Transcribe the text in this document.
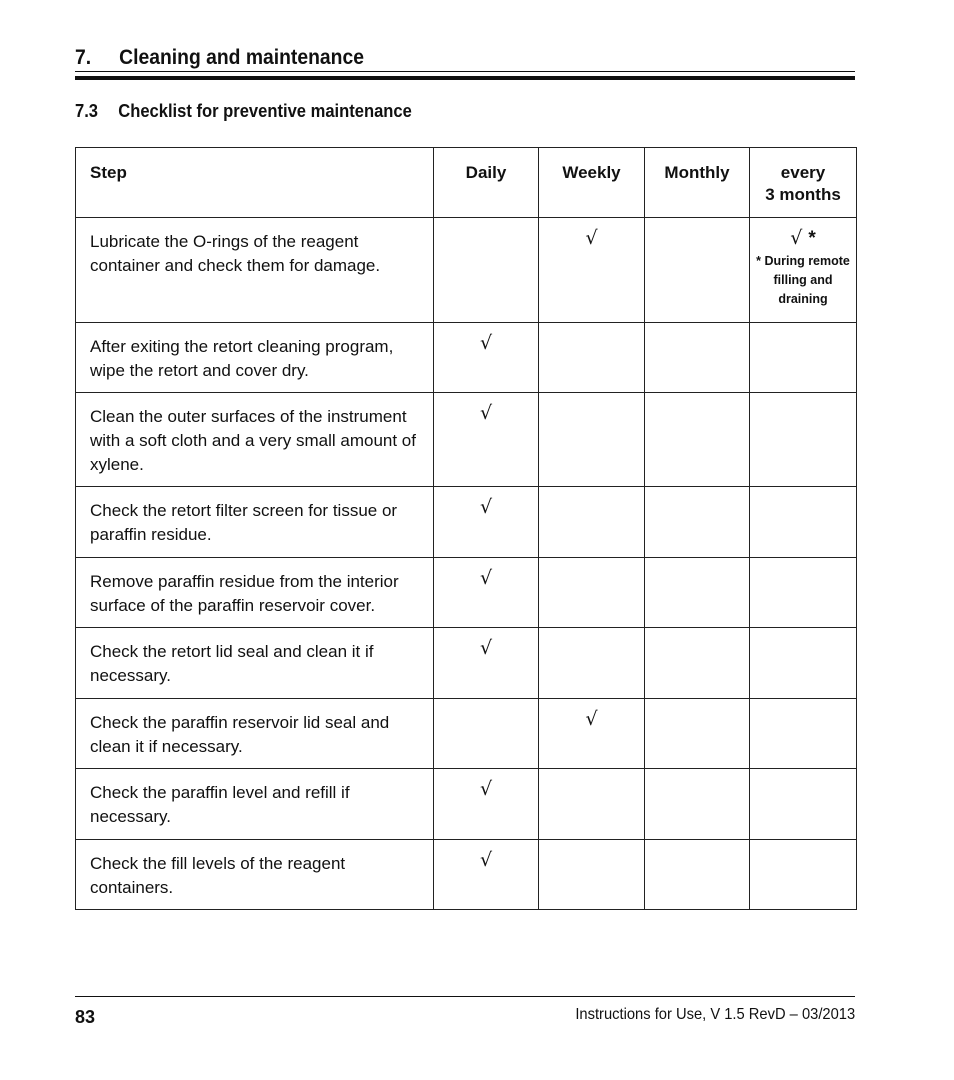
7. Cleaning and maintenance
7.3 Checklist for preventive maintenance
Step	Daily	Weekly	Monthly	every
3 months

Lubricate the O-rings of the reagent container and check them for damage.		√		√ *
* During remote filling and draining

After exiting the retort cleaning program, wipe the retort and cover dry.	√			

Clean the outer surfaces of the instrument with a soft cloth and a very small amount of xylene.	√			

Check the retort filter screen for tissue or paraffin residue.	√			

Remove paraffin residue from the interior surface of the paraffin reservoir cover.	√			

Check the retort lid seal and clean it if necessary.	√			

Check the paraffin reservoir lid seal and clean it if necessary.		√		

Check the paraffin level and refill if necessary.	√			

Check the fill levels of the reagent containers.	√			

83	Instructions for Use, V 1.5 RevD – 03/2013
